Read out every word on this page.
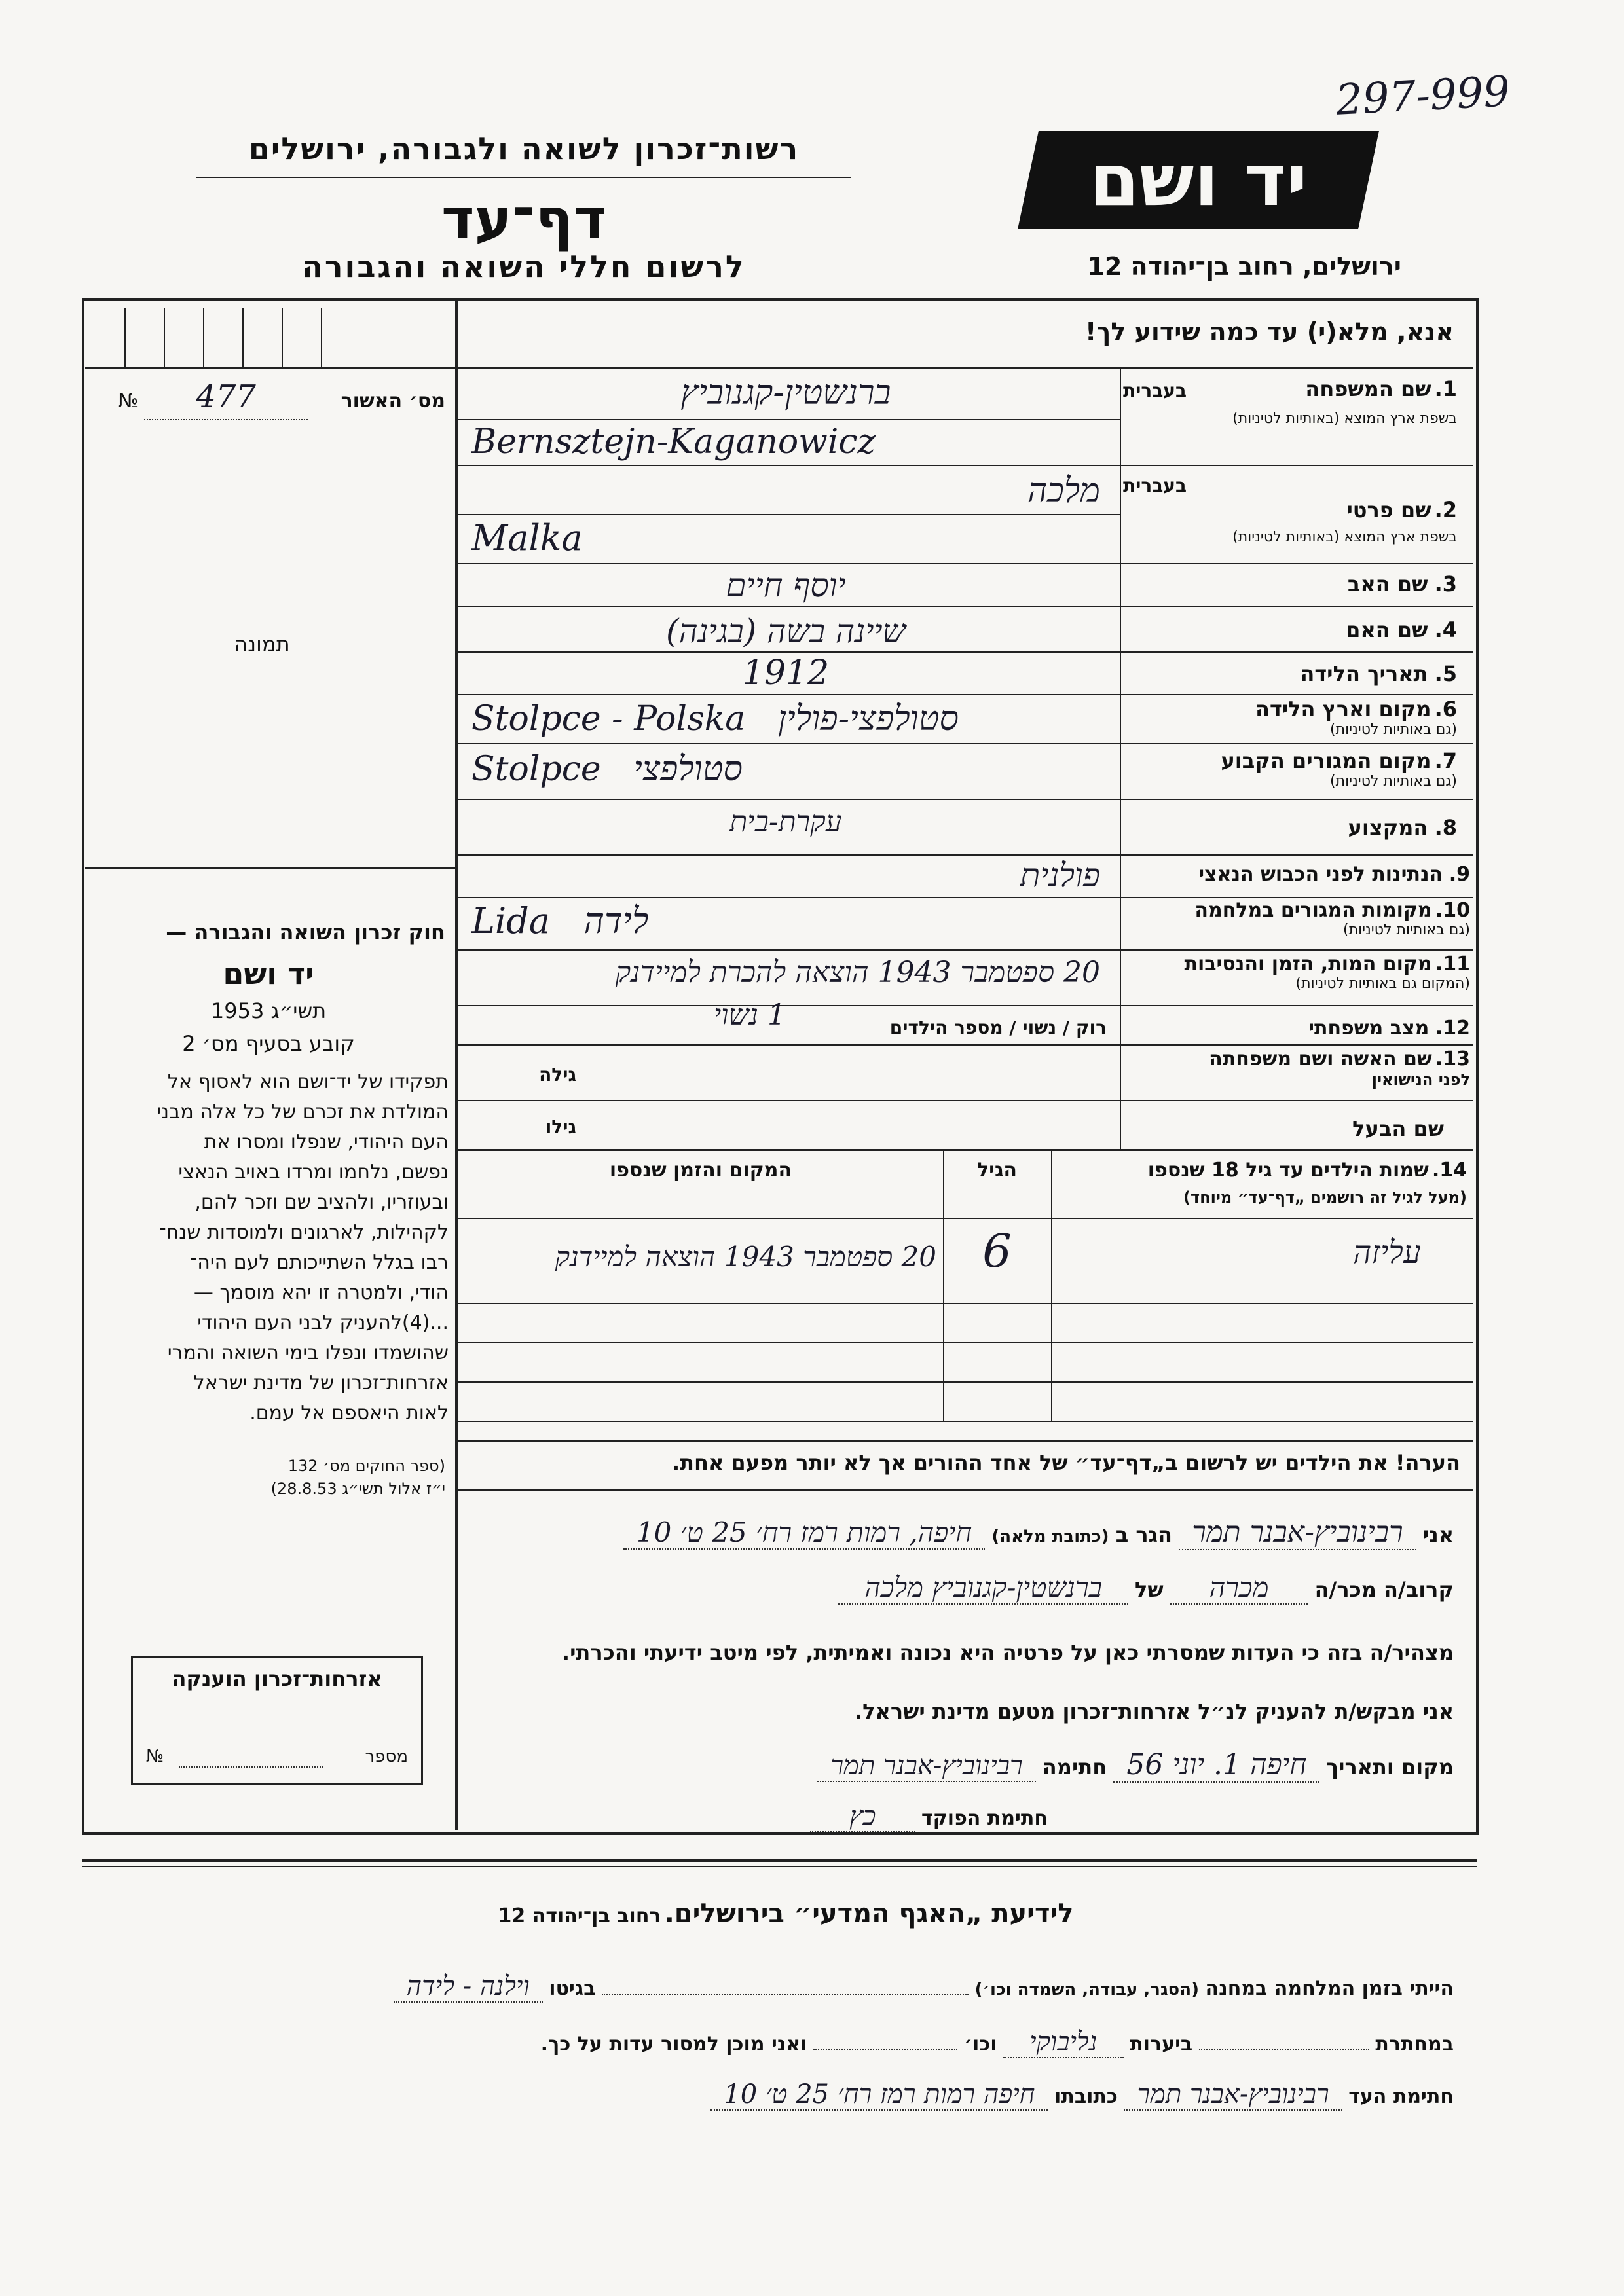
297-999
יד ושם
ירושלים, רחוב בן־יהודה 12
רשות־זכרון לשואה ולגבורה, ירושלים
דף־עד
לרשום חללי השואה והגבורה
אנא, מלא(י) עד כמה שידוע לך!
מס׳ האשור
477
№
תמונה
חוק זכרון השואה והגבורה —
יד ושם
תשי״ג 1953
קובע בסעיף מס׳ 2
תפקידו של יד־ושם הוא לאסוף אל
המולדת את זכרם של כל אלה מבני
העם היהודי, שנפלו ומסרו את
נפשם, נלחמו ומרדו באויב הנאצי
ובעוזריו, ולהציב שם וזכר להם,
לקהילות, לארגונים ולמוסדות שנח־
רבו בגלל השתייכותם לעם היה־
הודי, ולמטרה זו יהא מוסמך —
...(4)להעניק לבני העם היהודי
שהושמדו ונפלו בימי השואה והמרי
אזרחות־זכרון של מדינת ישראל
לאות היאספם אל עמם.
(ספר החוקים מס׳ 132
י״ז אלול תשי״ג 28.8.53)
1. שם המשפחה
בשפת ארץ המוצא (באותיות לטיניות)
בעברית
ברנשטין-קגנוביץ
Bernsztejn-Kaganowicz
2. שם פרטי
בשפת ארץ המוצא (באותיות לטיניות)
בעברית
מלכה
Malka
3. שם האב
יוסף חיים
4. שם האם
שיינה בשה (בגינה)
5. תאריך הלידה
1912
6. מקום וארץ הלידה
(גם באותיות לטיניות)
Stolpce - Polska   סטולפצי-פולין
7. מקום המגורים הקבוע
(גם באותיות לטיניות)
Stolpce   סטולפצי
8. המקצוע
עקרת-בית
9. הנתינות לפני הכבוש הנאצי
פולנית
10. מקומות המגורים במלחמה
(גם באותיות לטיניות)
Lida   לידה
11. מקום המות, הזמן והנסיבות
(המקום גם באותיות לטיניות)
20 ספטמבר 1943 הוצאה להכרת למיידנק
12. מצב משפחתי
רוק / נשוי / מספר הילדים
1 נשוי
13. שם האשה ושם משפחתה
לפני הנישואין
גילה
שם הבעל
גילו
14. שמות הילדים עד גיל 18 שנספו
(מעל לגיל זה רושמים „דף־עד״ מיוחד)
הגיל
המקום והזמן שנספו
עליזה
6
20 ספטמבר 1943 הוצאה למיידנק
הערה! את הילדים יש לרשום ב„דף־עד״ של אחד ההורים אך לא יותר מפעם אחת.
אני רבינוביץ-אבנר תמר הגר ב (כתובת מלאה) חיפה, רמות רמז רח׳ 25 ט׳ 10
קרוב/ה מכר/ה מכרה של ברנשטין-קגנוביץ מלכה
מצהיר/ה בזה כי העדות שמסרתי כאן על פרטיה היא נכונה ואמיתית, לפי מיטב ידיעתי והכרתי.
אני מבקש/ת להעניק לנ״ל אזרחות־זכרון מטעם מדינת ישראל.
מקום ותאריך חיפה 1. יוני 56 חתימה רבינוביץ-אבנר תמר
חתימת הפוקד כץ
אזרחות־זכרון הוענקה
מספר
№
לידיעת „האגף המדעי״ בירושלים. רחוב בן־יהודה 12
הייתי בזמן המלחמה במחנה (הסגר, עבודה, השמדה וכו׳)  בגיטו וילנה - לידה
במחתרת  ביערות נליבוקי וכו׳  ואני מוכן למסור עדות על כך.
חתימת העד רבינוביץ-אבנר תמר כתובתו חיפה רמות רמז רח׳ 25 ט׳ 10
